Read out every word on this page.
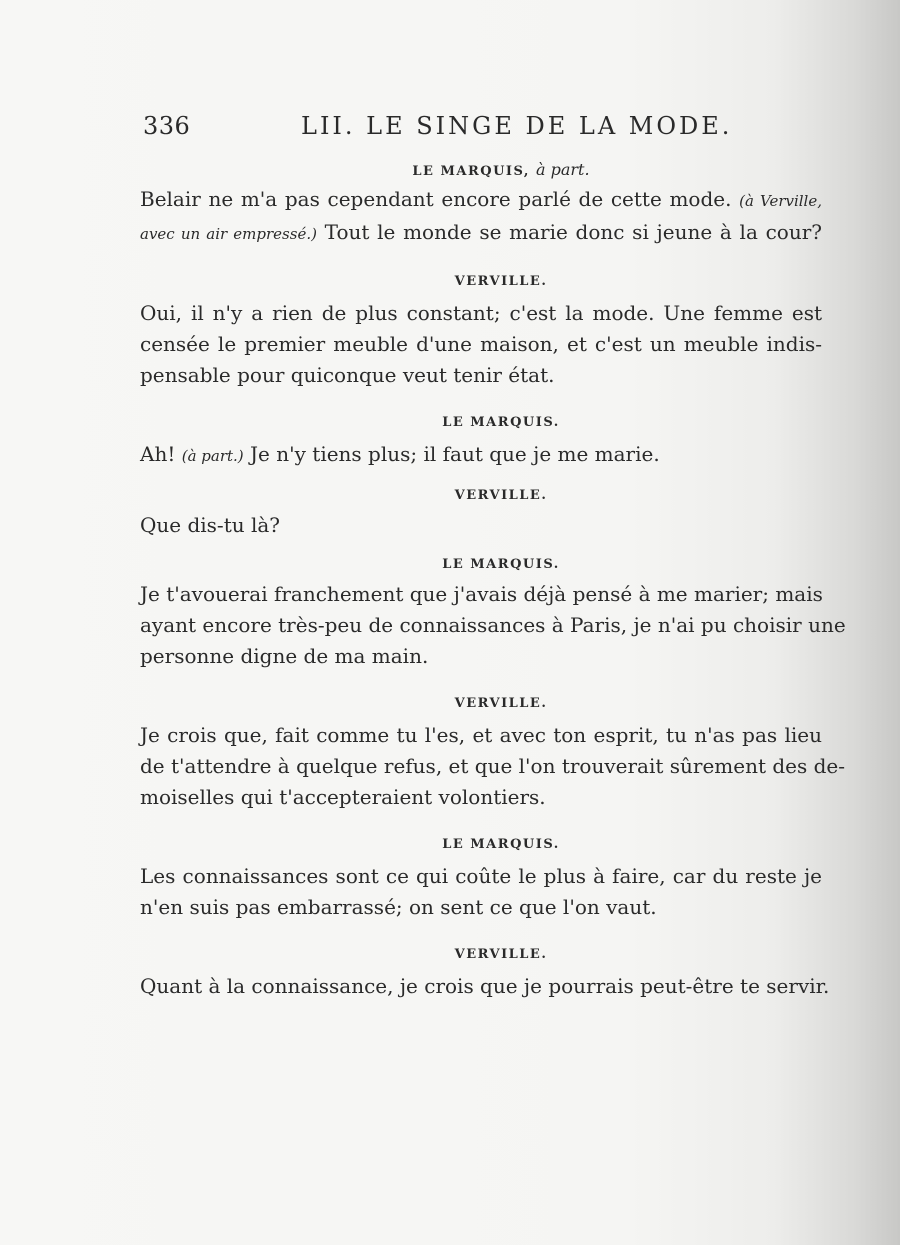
336	LII. LE SINGE DE LA MODE.
LE MARQUIS, à part.
Belair ne m'a pas cependant encore parlé de cette mode. (à Verville,
avec un air empressé.) Tout le monde se marie donc si jeune à la cour?
VERVILLE.
Oui, il n'y a rien de plus constant; c'est la mode. Une femme est
censée le premier meuble d'une maison, et c'est un meuble indis-
pensable pour quiconque veut tenir état.
LE MARQUIS.
Ah! (à part.) Je n'y tiens plus; il faut que je me marie.
VERVILLE.
Que dis-tu là?
LE MARQUIS.
Je t'avouerai franchement que j'avais déjà pensé à me marier; mais
ayant encore très-peu de connaissances à Paris, je n'ai pu choisir une
personne digne de ma main.
VERVILLE.
Je crois que, fait comme tu l'es, et avec ton esprit, tu n'as pas lieu
de t'attendre à quelque refus, et que l'on trouverait sûrement des de-
moiselles qui t'accepteraient volontiers.
LE MARQUIS.
Les connaissances sont ce qui coûte le plus à faire, car du reste je
n'en suis pas embarrassé; on sent ce que l'on vaut.
VERVILLE.
Quant à la connaissance, je crois que je pourrais peut-être te servir.
